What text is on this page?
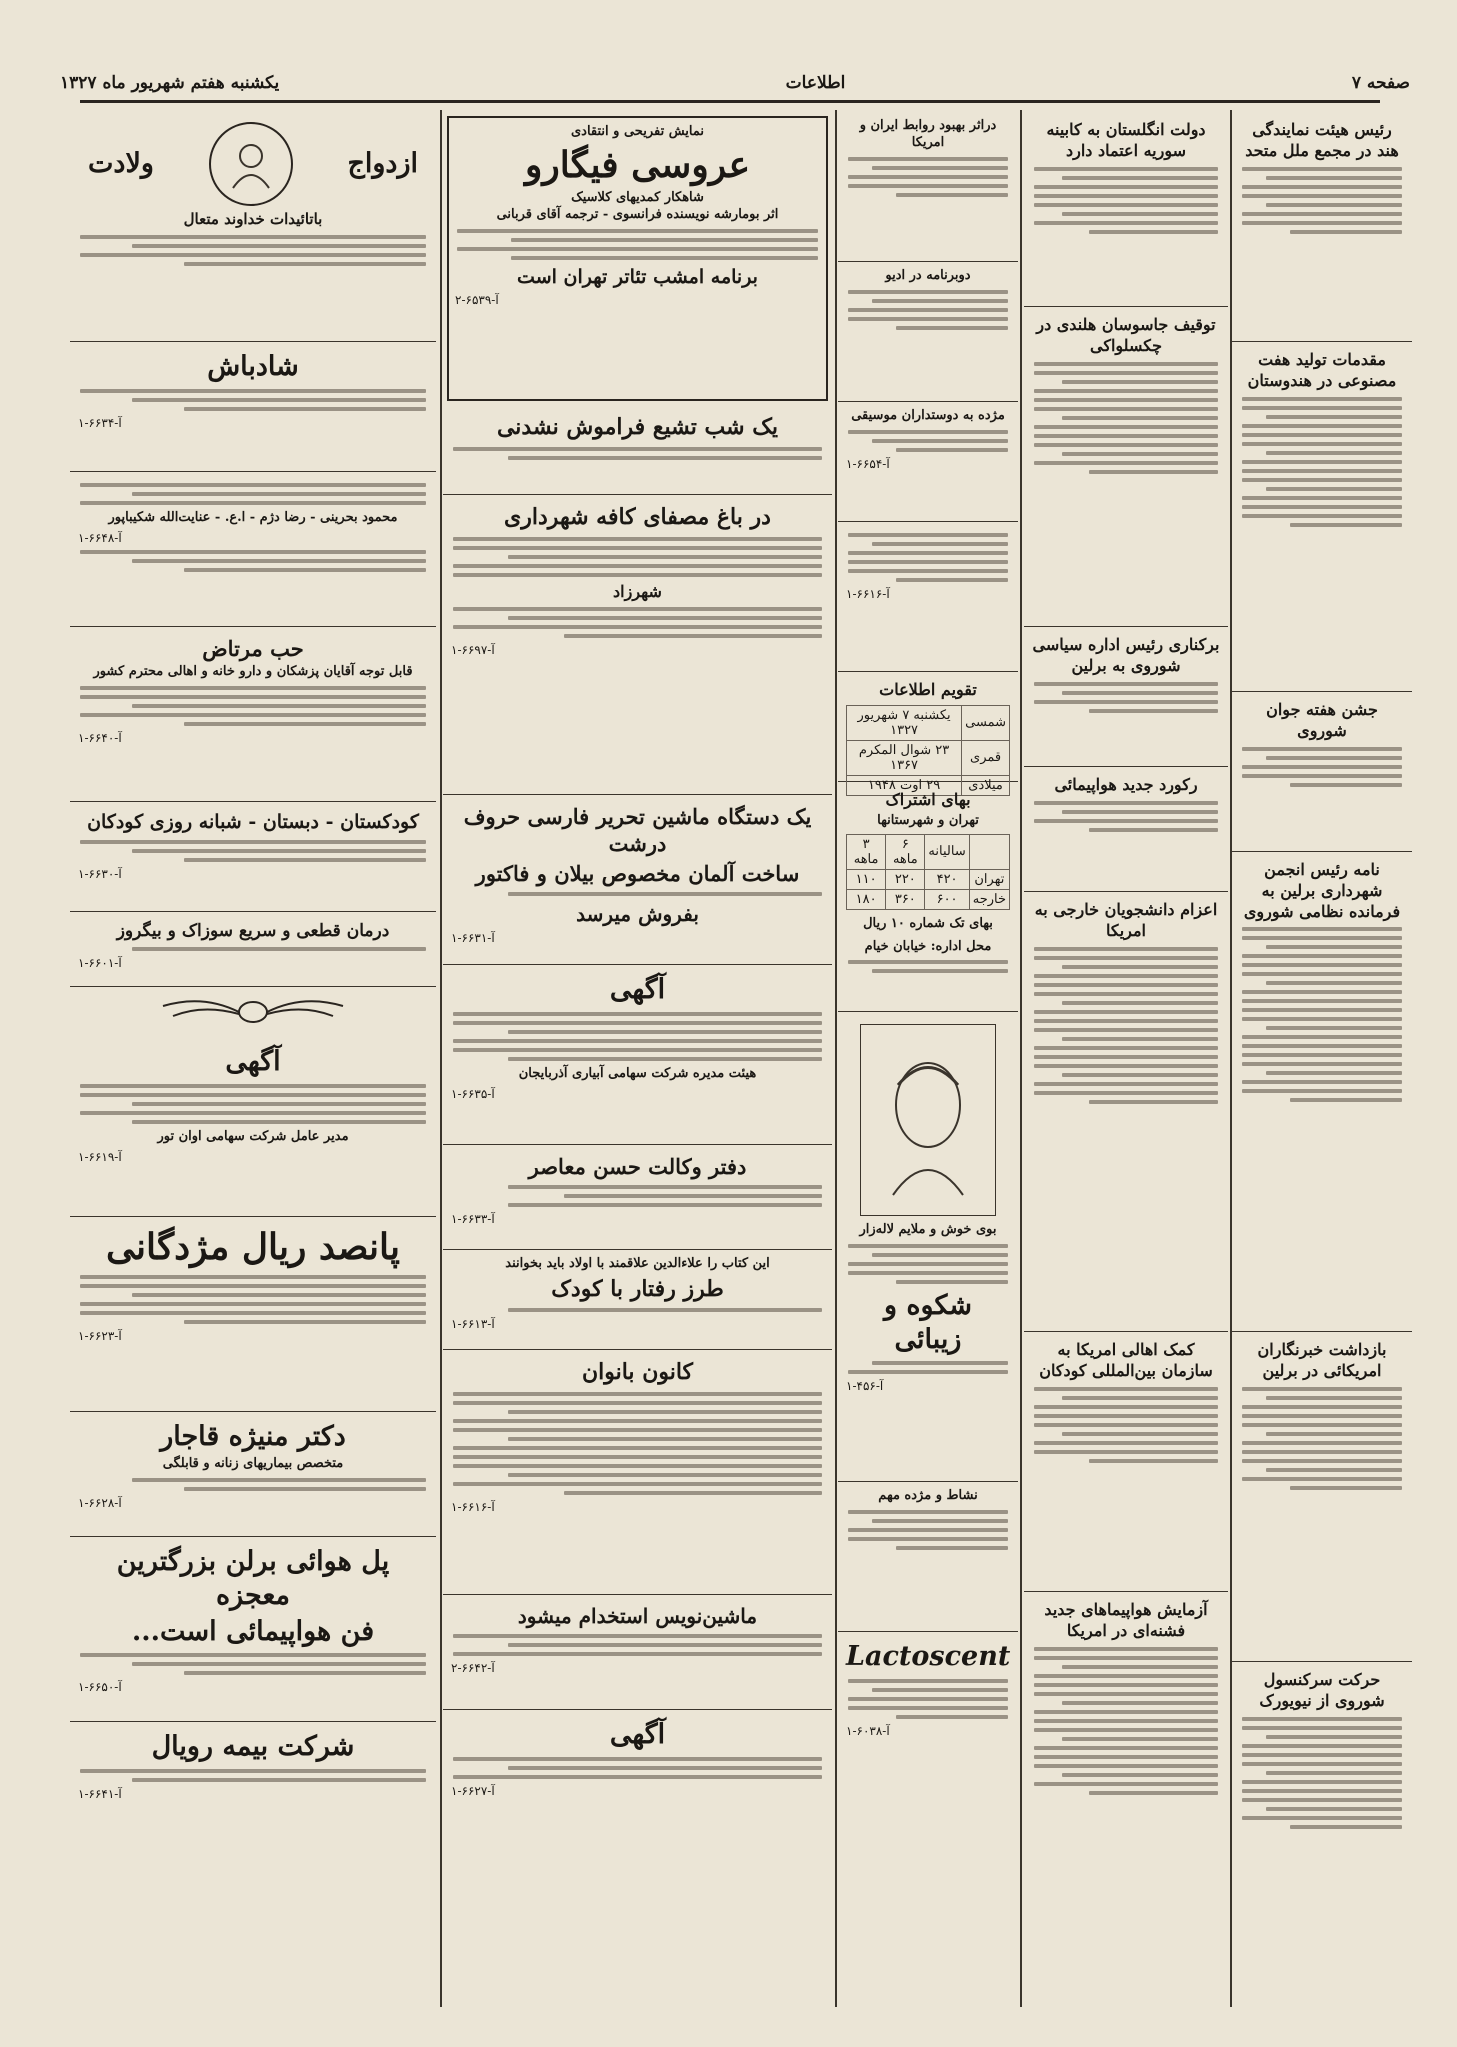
صفحه ۷
اطلاعات
یکشنبه هفتم شهریور ماه ۱۳۲۷
رئیس هیئت نمایندگی هند در مجمع ملل متحد
مقدمات تولید هفت مصنوعی در هندوستان
جشن هفته جوان شوروی
نامه رئیس انجمن شهرداری برلین به فرمانده نظامی شوروی
بازداشت خبرنگاران امریکائی در برلین
حرکت سرکنسول شوروی از نیویورک
دولت انگلستان به کابینه سوریه اعتماد دارد
توقیف جاسوسان هلندی در چکسلواکی
برکناری رئیس اداره سیاسی شوروی به برلین
رکورد جدید هواپیمائی
اعزام دانشجویان خارجی به امریکا
کمک اهالی امریکا به سازمان بین‌المللی کودکان
آزمایش هواپیماهای جدید فشنه‌ای در امریکا
دراثر بهبود روابط ایران و امریکا
دوبرنامه در ادیو
مژده به دوستداران موسیقی
آ-۶۶۵۴-۱
آ-۶۶۱۶-۱
تقویم اطلاعات
شمسی	یکشنبه ۷ شهریور ۱۳۲۷
قمری	۲۳ شوال المکرم ۱۳۶۷
میلادی	۲۹ اوت ۱۹۴۸
بهای اشتراک
تهران و شهرستانها
	سالیانه	۶ ماهه	۳ ماهه
تهران	۴۲۰	۲۲۰	۱۱۰
خارجه	۶۰۰	۳۶۰	۱۸۰
بهای تک شماره ۱۰ ریال
محل اداره: خیابان خیام
بوی خوش و ملایم لاله‌زار
شکوه و زیبائی
آ-۴۵۶-۱
نشاط و مژده مهم
Lactoscent
آ-۶۰۳۸-۱
نمایش تفریحی و انتقادی
عروسی فیگارو
شاهکار کمدیهای کلاسیک
اثر بومارشه نویسنده فرانسوی - ترجمه آقای قربانی
برنامه امشب تئاتر تهران است
آ-۶۵۳۹-۲
یک شب تشیع فراموش نشدنی
در باغ مصفای کافه شهرداری
شهرزاد
آ-۶۶۹۷-۱
یک دستگاه ماشین تحریر فارسی حروف درشت
ساخت آلمان مخصوص بیلان و فاکتور
بفروش میرسد
آ-۶۶۳۱-۱
آگهی
هیئت مدیره شرکت سهامی آبیاری آذربایجان
آ-۶۶۳۵-۱
دفتر وکالت حسن معاصر
آ-۶۶۳۳-۱
این کتاب را علاءالدین علاقمند با اولاد باید بخوانند
طرز رفتار با کودک
آ-۶۶۱۳-۱
کانون بانوان
آ-۶۶۱۶-۱
ماشین‌نویس استخدام میشود
آ-۶۶۴۲-۲
آگهی
آ-۶۶۲۷-۱
ازدواج
ولادت
باتائیدات خداوند متعال
شادباش
آ-۶۶۳۴-۱
محمود بحرینی - رضا دژم - ا.ع. - عنایت‌الله شکیبا‌پور
آ-۶۶۴۸-۱
حب مرتاض
قابل توجه آقایان پزشکان و دارو خانه و اهالی محترم کشور
آ-۶۶۴۰-۱
کودکستان - دبستان - شبانه روزی کودکان
آ-۶۶۳۰-۱
درمان قطعی و سریع سوزاک و بیگروز
آ-۶۶۰۱-۱
آگهی
مدیر عامل شرکت سهامی اوان تور
آ-۶۶۱۹-۱
پانصد ریال مژدگانی
آ-۶۶۲۳-۱
دکتر منیژه قاجار
متخصص بیماریهای زنانه و قابلگی
آ-۶۶۲۸-۱
پل هوائی برلن بزرگترین معجزه
فن هواپیمائی است...
آ-۶۶۵۰-۱
شرکت بیمه رویال
آ-۶۶۴۱-۱
